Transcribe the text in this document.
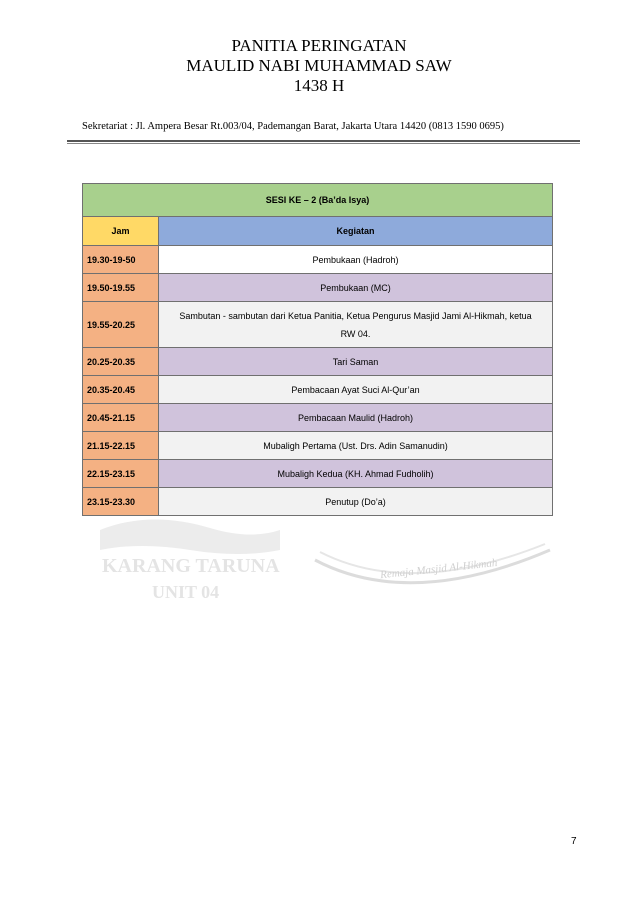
PANITIA PERINGATAN
MAULID NABI MUHAMMAD SAW
1438 H
Sekretariat : Jl. Ampera Besar Rt.003/04, Pademangan Barat, Jakarta Utara 14420 (0813 1590 0695)
KARANG TARUNA
UNIT 04
Remaja Masjid Al-Hikmah
SESI KE – 2 (Ba’da Isya)	
Jam	Kegiatan
19.30-19-50	Pembukaan (Hadroh)
19.50-19.55	Pembukaan (MC)
19.55-20.25	Sambutan - sambutan dari Ketua Panitia, Ketua Pengurus Masjid Jami Al-Hikmah, ketua RW 04.
20.25-20.35	Tari Saman
20.35-20.45	Pembacaan Ayat Suci Al-Qur’an
20.45-21.15	Pembacaan Maulid (Hadroh)
21.15-22.15	Mubaligh Pertama (Ust. Drs. Adin Samanudin)
22.15-23.15	Mubaligh Kedua (KH. Ahmad Fudholih)
23.15-23.30	Penutup (Do’a)
7
